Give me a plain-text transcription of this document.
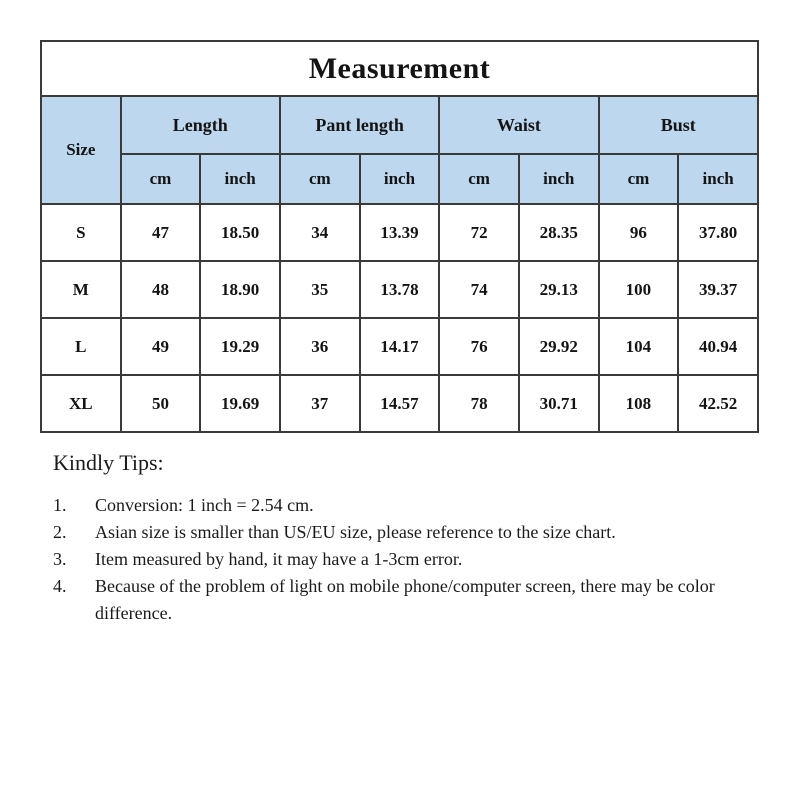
Measurement								
Size	Length		Pant length		Waist		Bust	
	cm	inch	cm	inch	cm	inch	cm	inch
S	47	18.50	34	13.39	72	28.35	96	37.80
M	48	18.90	35	13.78	74	29.13	100	39.37
L	49	19.29	36	14.17	76	29.92	104	40.94
XL	50	19.69	37	14.57	78	30.71	108	42.52
Kindly Tips:
1.	Conversion: 1 inch = 2.54 cm.
2.	Asian size is smaller than US/EU size, please reference to the size chart.
3.	Item measured by hand, it may have a 1-3cm error.
4.	Because of the problem of light on mobile phone/computer screen, there may be color difference.
